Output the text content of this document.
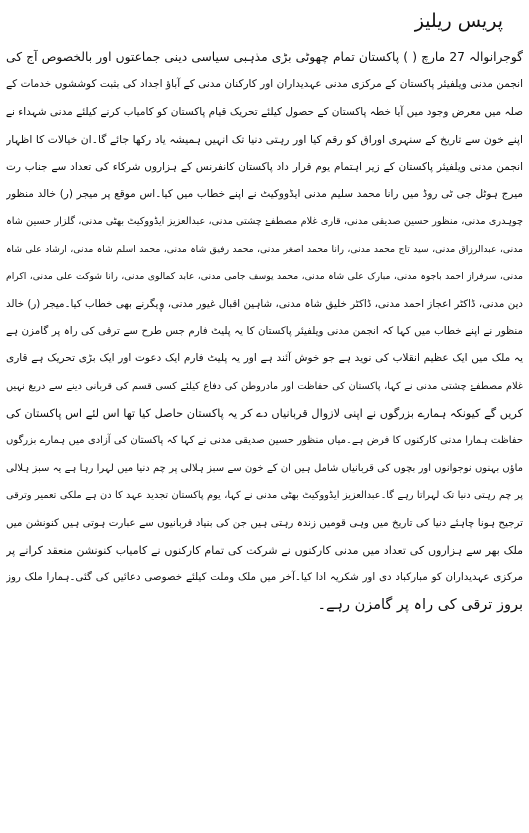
پریس ریلیز
گوجرانوالہ 27 مارچ ( ) پاکستان تمام چھوٹی بڑی مذہبی سیاسی دینی جماعتوں اور بالخصوص آج کی
انجمن مدنی ویلفیئر پاکستان کے مرکزی مدنی عہدیداران اور کارکنان مدنی کے آباؤ اجداد کی بثبت کوششوں خدمات کے
صلہ میں معرض وجود میں آیا خطہ پاکستان کے حصول کیلئے تحریک قیام پاکستان کو کامیاب کرنے کیلئے مدنی شہداء نے
اپنے خون سے تاریخ کے سنہری اوراق کو رقم کیا اور رہتی دنیا تک انہیں ہمیشہ یاد رکھا جائے گا۔ان خیالات کا اظہار
انجمن مدنی ویلفیئر پاکستان کے زیر اہتمام یوم قرار داد پاکستان کانفرنس کے ہزاروں شرکاء کی تعداد سے جناب رت
میرج ہوٹل جی ٹی روڈ میں رانا محمد سلیم مدنی ایڈووکیٹ نے اپنے خطاب میں کیا۔اس موقع پر میجر (ر) خالد منظور
چوہدری مدنی، منظور حسین صدیقی مدنی، قاری غلام مصطفےٰ چشتی مدنی، عبدالعزیز ایڈووکیٹ بھٹی مدنی، گلزار حسین شاہ
مدنی، عبدالرزاق مدنی، سید تاج محمد مدنی، رانا محمد اصغر مدنی، محمد رفیق شاہ مدنی، محمد اسلم شاہ مدنی، ارشاد علی شاہ
مدنی، سرفراز احمد باجوہ مدنی، مبارک علی شاہ مدنی، محمد یوسف جامی مدنی، عابد کمالوی مدنی، رانا شوکت علی مدنی، اکرام
دین مدنی، ڈاکٹر اعجاز احمد مدنی، ڈاکٹر خلیق شاہ مدنی، شاہین اقبال غیور مدنی، وٖیگرنے بھی خطاب کیا۔میجر (ر) خالد
منظور نے اپنے خطاب میں کہا کہ انجمن مدنی ویلفیئر پاکستان کا یہ پلیٹ فارم جس طرح سے ترقی کی راہ پر گامزن ہے
یہ ملک میں ایک عظیم انقلاب کی نوید ہے جو خوش آئند ہے اور یہ پلیٹ فارم ایک دعوت اور ایک بڑی تحریک ہے قاری
غلام مصطفےٰ چشتی مدنی نے کہا، پاکستان کی حفاظت اور مادروطن کی دفاع کیلئے کسی قسم کی قربانی دینے سے دریغ نہیں
کریں گے کیونکہ ہمارے بزرگوں نے اپنی لازوال قربانیاں دے کر یہ پاکستان حاصل کیا تھا اس لئے اس پاکستان کی
حفاظت ہمارا مدنی کارکنوں کا فرض ہے۔میاں منظور حسین صدیقی مدنی نے کہا کہ پاکستان کی آزادی میں ہمارے بزرگوں
ماؤں بہنوں نوجوانوں اور بچوں کی قربانیاں شامل ہیں ان کے خون سے سبز ہلالی پر چم دنیا میں لہرا رہا ہے یہ سبز ہلالی
پر چم رہتی دنیا تک لہراتا رہے گا۔عبدالعزیز ایڈووکیٹ بھٹی مدنی نے کہا، یوم پاکستان تجدید عہد کا دن ہے ملکی تعمیر وترقی
ترجیح ہونا چاہئے دنیا کی تاریخ میں وہی قومیں زندہ رہتی ہیں جن کی بنیاد قربانیوں سے عبارت ہوتی ہیں کنونشن میں
ملک بھر سے ہزاروں کی تعداد میں مدنی کارکنوں نے شرکت کی تمام کارکنوں نے کامیاب کنونشن منعقد کرانے پر
مرکزی عہدیداران کو مبارکباد دی اور شکریہ ادا کیا۔آخر میں ملک وملت کیلئے خصوصی دعائیں کی گئی۔ہمارا ملک روز
بروز ترقی کی راہ پر گامزن رہے۔
